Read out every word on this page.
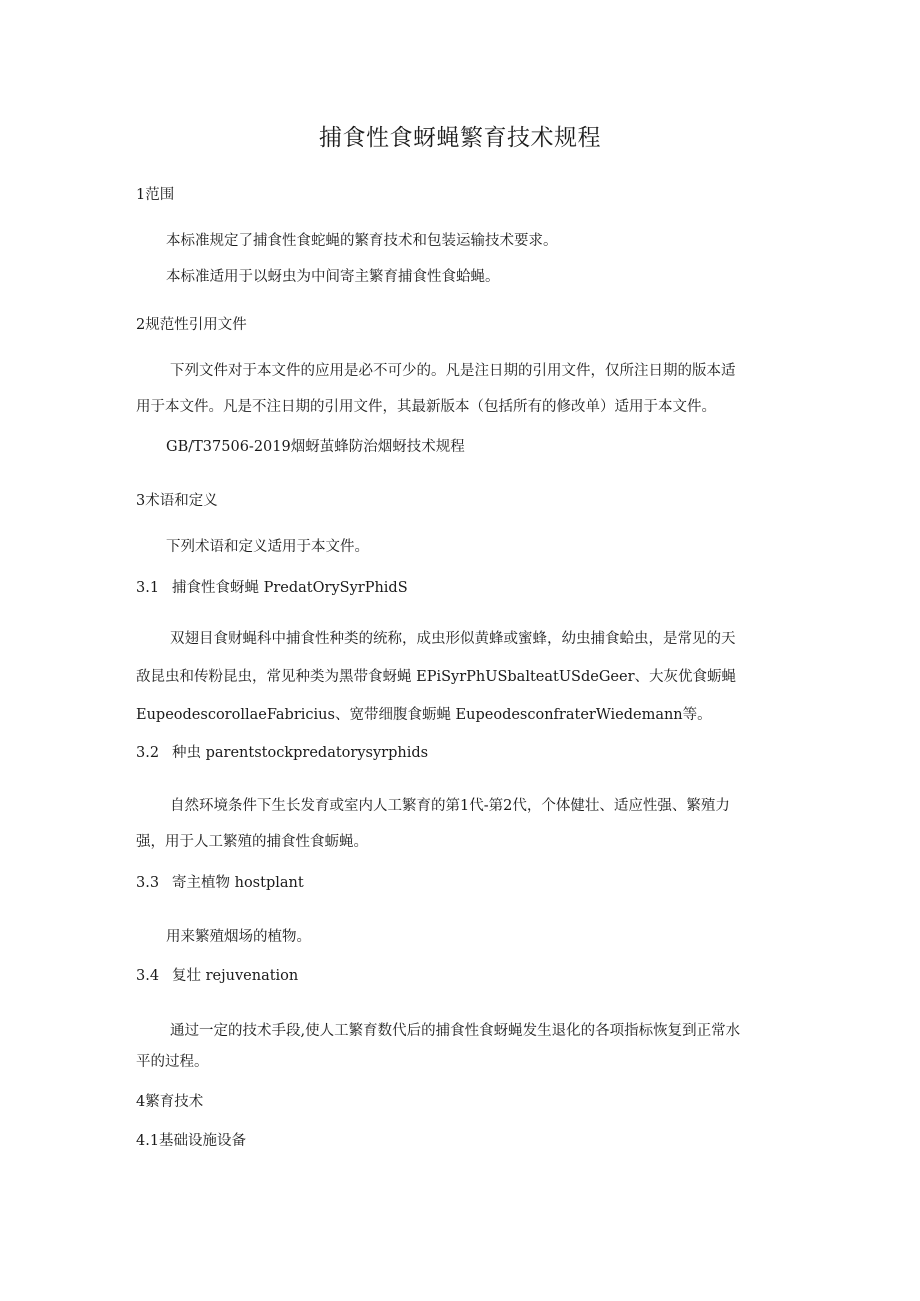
捕食性食蚜蝇繁育技术规程
1范围
本标准规定了捕食性食蛇蝇的繁育技术和包装运输技术要求。
本标准适用于以蚜虫为中间寄主繁育捕食性食蛤蝇。
2规范性引用文件
下列文件对于本文件的应用是必不可少的。凡是注日期的引用文件，仅所注日期的版本适
用于本文件。凡是不注日期的引用文件，其最新版本（包括所有的修改单）适用于本文件。
GB/T37506-2019烟蚜茧蜂防治烟蚜技术规程
3术语和定义
下列术语和定义适用于本文件。
3.1 捕食性食蚜蝇 PredatOrySyrPhidS
双翅目食财蝇科中捕食性种类的统称，成虫形似黄蜂或蜜蜂，幼虫捕食蛤虫，是常见的天
敌昆虫和传粉昆虫，常见种类为黑带食蚜蝇 EPiSyrPhUSbalteatUSdeGeer、大灰优食蛎蝇
EupeodescorollaeFabricius、宽带细腹食蛎蝇 EupeodesconfraterWiedemann等。
3.2 种虫 parentstockpredatorysyrphids
自然环境条件下生长发育或室内人工繁育的第1代-第2代，个体健壮、适应性强、繁殖力
强，用于人工繁殖的捕食性食蛎蝇。
3.3 寄主植物 hostplant
用来繁殖烟场的植物。
3.4 复壮 rejuvenation
通过一定的技术手段,使人工繁育数代后的捕食性食蚜蝇发生退化的各项指标恢复到正常水
平的过程。
4繁育技术
4.1基础设施设备
